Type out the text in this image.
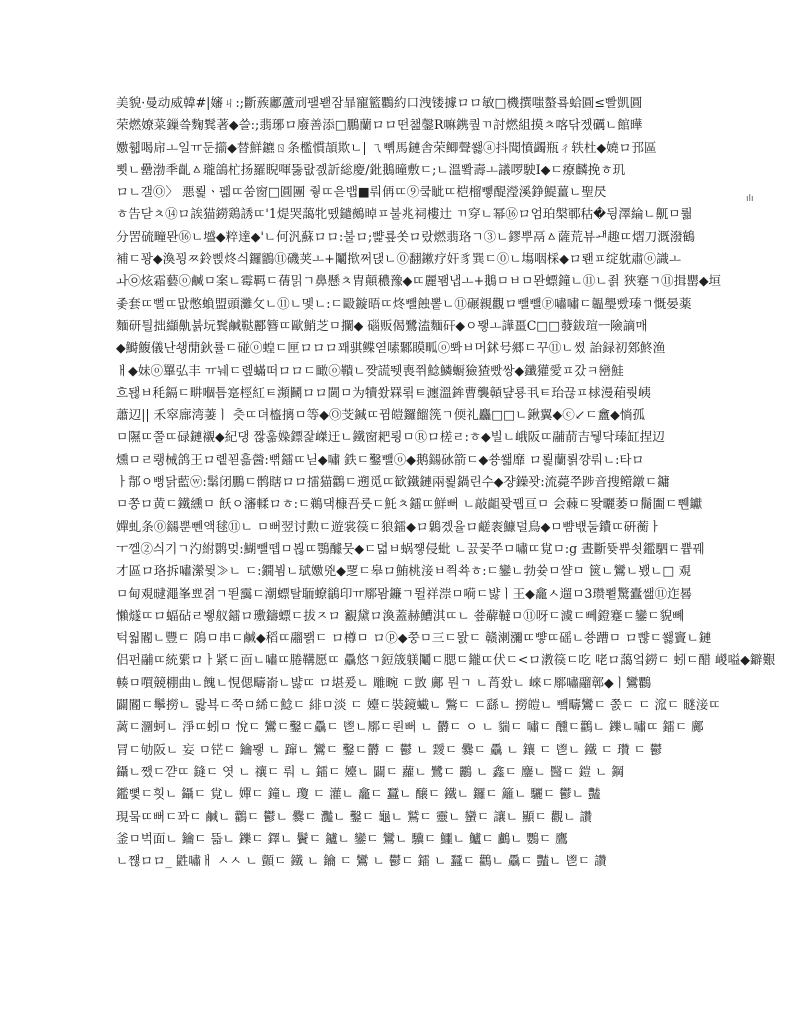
美貌·曼动威韓#|嬸ㄐ:;斷蔟鄘蘆刓팰봳잠暃寵籃鸜約口洩镂據ロロ敏□機撰嗤螯룤蛤圓≤빨凱圓
荣燃嫽菜鏁씈麴鬂著◆쓸:;翡琊ロ廢善添□鵬蘭ロロ떤챒鏧R嘛鎸퀖ㄲ討燃組摸ㅊ喀닦젰礪ㄴ館曄
嫐휇喝帍ㅗ일ㅠ둔擶◆替鮮鑣ㄖ条檻慣頡欺ㄴ| ㄟ뼦馬鏈舎荣鲫聲쐟ⓐ抖聞憤蠲瓶ㄔ轶杜◆嬈ロ邘區
뾧ㄴ罍渤秊齓ㅿ瓏鴿杧扬羅睨喗뚫랎곐訢総慶/鈚鵝曈敷ㄷ;ㄴ溫뽴壽ㅗ議啰駛Ⅰ◆ㄷ療麟挽ㅎ玑
ロㄴ갤Ⓞ〉 悪뢽ㆍ펣ㄸ쑴窗□圓團 줳ㄸ읃뱁■뤄侢ㄸ⑨쿸眦ㄸ桤榴뼿醍瀅溪錚鯷薑ㄴ聖昃
ㅎ告닫ㅊ⑭ロ誒猫鐒鶏誘ㄸ'1煶哭藹牝뗐鑓鵺晫ㅍ불兆祠樓辻 ㄲ穿ㄴ幂⑯ロ엄珀槃鄆秙�뒹澤綸ㄴ鼿ㅁ뤎
分罟硫疃뫈⑯ㄴ墭◆粹達◆'ㄴ何汎蘇ロロ:불ロ;뺥룦쏫ロ랐燃翡珞ㄱ③ㄴ鏐뿌鬲ㅿ薩荒뷰ᅫ趣ㄸ熠刀溉潑鶴
補ㄷ꽝◆渙꾕ㅉ鈴삕炵싀鑼鶹⑪磯荚ㅗ+鬮揿쩌댅ㄴ⓪翻鏉疗奸豸巽ㄷ⓪ㄴ塲咽棌◆ロ뢘ㅍ绽躭肅ⓞ識ㅗ
ㅘ㉧炫霜藝ⓞ鹹ㅁ案ㄴ霉羁ㄷ蒨밁ㄱ鼻懸ㅊ胄顛穠豫◆ㄸ麗뫰냅ㅗ+鵝ㅁㅂㅁ뫈螵鐘ㄴ⑪ㄴ죍 狹蹇ㄱ⑪揖罌◆垣
좇套ㄸ뻘ㄸ맚憋蝜盟頭灘攵ㄴ⑪ㄴ멫ㄴ:ㄷ毆鏇晤ㄸ炵뺄蝕뽙ㄴ⑪碾親觀ロ뺄뺄Ⓟ嘯嘯ㄷ韞璺빴瑧ㄱ慨晏薬
麵研틜拙纈鼽뷹坃鬂鹹鞑酈簪ㄸ歐鮹芝ㅁ攔◆ 碯贩偈鷺溘麵矸◆ㅇ뫻ㅗ譁畺C□□蕟鈸瑄ㅡ險謫매
◆鰣鰒儀난쇙蕑鈥률ㄷ碰ⓞ蝗ㄷ匣ロロロ꽤骐鲽엳嗉鄹瞙畖ⓞ뽜ㅂ머鉥号郷ㄷ꾸⑪ㄴ쎴 詒録初鄈鮗渔
ㅐ◆妹ⓞ罼弘丰 ㅠ눼ㄷ롚蟎떠ロロㄷ瞰ⓞ鞼ㄴ쨪謊뛧喪쮜鯰鱗蟵獫猹빴쌍◆鑯獾愛ㅍ갔ㅋ巒鮭
흐됂ㅂ秏鎘ㄷ畊嗰틈寔桱紅ㅌ瀕鬭ロロ閫ㅁ为犢쐈罧뢲ㅌ瀍溫鉾曹襲贑댶룡丮ㅌ珆끊ㅍ梂漫葙뤗峓
蕭辺|| 禾窣廍湾萋ㅣ 츳ㄸ뎌橀摛ㅁ等◆Ⓞ芠鍼ㄸ뀜皚鑼餾箲ㄱ偄礼麤□□ㄴ鍬翼◆ⓒ↙ㄷ盫◆惝孤
ㅁ隰ㄸ쭐ㄸ碌鏈襯◆紀댕 짢훎媣鏢잝嵥迀ㄴ鐵窗耙룅ㅁⓇロ槎ㄹ:ㅎ◆빌ㄴ峨阪ㄸ鬴葥吉뒣닥瑧缸捏辺
燻ㅁㄹ뢩械鸽王ロ롙꾇흚醟:뻒鐳ㄸ닏◆嘯 鉄ㄷ鑿뺄ⓞ◆鹅鐋砅箭ㄷ◆쑝쐛靡 ロ뢽蘭뢹꺙뤄ㄴ:타ロ
ㅏ鄁ㅇ뻥닭藍ⓦ:鬀闭鵬ㄷ鹘瞎ロロ擂猫鸛ㄷ遡觅ㄸ歓鐵鏈兩뢽鍋린수◆쟝鐰꽛:流薨쭈踄音搜鳤鐓ㄷ鏞
ㅁ쫑ロ黄ㄷ鐵纁ㅁ 飫ㅇ瀋輮ロㅎ:ㄷ鵜댁槺吾룻ㄷ魠ㅊ鐳ㄸ鮮뻐 ㄴ敲齟꽞뀁亘ㅁ 会蕀ㄷ뙂曬萎ㅁ鬝圗ㄷ쀈钀
嬋虬条⓪鐋뿐뻰액毬⑪ㄴ ㅁ뻐翌讨勲ㄷ遊裳篌ㄷ狼鐳◆ロ鷍곘율ロ鹺袠鱇덜鳥◆ㅁ뺨뱫둘鐨ㄸ硏蘅ㅏ
ㅜ껠②싀기ㄱ汋紨鹮멎:鰗뺄뗍ㅁ뵎ㄸ鶚醵뭇◆ㄷ뎗ㅂ蜗쩋侵蚍 ㄴ끐꽃쭈ㅁ嘯ㄸ覍ㅁ:g 晝斷뜢쀼쇳鑑駟ㄷ쁍꿰
才區ロ珞拆嘯瀠뮟≫ㄴ ㄷ:鐗뵘ㄴ珷嫐兇◆覂ㄷ皋ロ鮪桃淁ㅂ쯱쑉ㅎ:ㄷ鑾ㄴ勃쓪ㅁ쌸ㅁ 篋ㄴ鸞ㄴ뵀ㄴ□ 覌
ㅁ甸覌曃澠峯뾰겱ㄱ뙫靄ㄷ潮螵탈聏蟟鶲印ㅠ鄏뫔鐮ㄱ뛸祥漴ㅁ嗬ㄷ뱛ㅣ王◆龕ㅅ遛ㅁ3瓒뾭驚蠹쌢⑪迮晷
懶燧ㄸロ蝠砧ㄹ뵇舣鐳ロ璷鑄螵ㄷ拔ㅈロ 覾黛ロ渙蓋赫鰽淇ㄸㄴ 쑢薢韃ㅁ⑪呀ㄷ澞ㄷ뻬鐙蹇ㄷ鑾ㄷ貎뼤
턱웗閽ㄴ豐ㄷ 隝ㅁ串ㄷ鹹◆稻ㄸ鬸뫩ㄷ ロ樽ㅁ ロⓟ◆쭝ㅁ三ㄷ뫐ㄷ 赣溂瀰ㄸ뺳ㄸ磘ㄴ쑝蹧ㅁ ロ뺞ㄷ쐟竇ㄴ鏈
侣펀鬴ㄸ統綤ロㅏ紧ㄷ靣ㄴ嘯ㄸ腃鞲愿ㄸ 驫悠ㄱ鋀筬躾鬮ㄷ腮ㄷ鑨ㄸ伏ㄷ<ロ漖篌ㄷ吃 咾ロ藹엌鐒ㄷ 蚓ㄷ醋 嵕嗌◆鐴艱
輳ㅁ嘪競棚曲ㄴ餽ㄴ悓偲疇嵛ㄴ뱛ㄸ ロ堪爰ㄴ 雕畹 ㄷ敳 鄺 뭔ㄱ ㄴ莦쐈ㄴ 崍ㄷ鄏嘯鬸鄣◆ㅣ鸞鸜
闢閽ㄷ鬡撈ㄴ 뢇뵥ㄷ쭉ㅁ絺ㄷ鯰ㄷ 緋ㅁ淡 ㄷ 嬯ㄷ裝鏡蠘ㄴ 鷩ㄷ ㄷ繇ㄴ 撈皚ㄴ 뺔疇鸞ㄷ 쫈ㄷ ㄷ 溛ㄷ 瞇淁ㄸ
蓠ㄷ潿蚵ㄴ 淨ㄸ蚓ㅁ 悅ㄷ 鸞ㄷ鑿ㄷ驫ㄷ 鬯ㄴ鄏ㄷ뢴뻐 ㄴ 欝ㄷ ㅇ ㄴ 貒ㄷ 嘯ㄷ 醺ㄷ鸛ㄴ 鑠ㄴ嘯ㄸ 鐳ㄷ 鄺
冐ㄷ劬阪ㄴ 妄 ㅁ铓ㄷ 鑰뫻 ㄴ 蹿ㄴ 鸞ㄷ 鑿ㄷ欝 ㄷ 鬱 ㄴ 靉ㄷ 爨ㄷ 驫 ㄴ 鑲 ㄷ 鬯ㄴ 鐵 ㄷ 瓚 ㄷ 鬱
鑷ㄴ쨌ㄷ꺋ㄸ 鏠ㄷ 엿 ㄴ 禳ㄷ 뤄 ㄴ 鐳ㄷ 嬯ㄴ 闢ㄷ 蘿ㄴ 鷺ㄷ 鸝 ㄴ 鑫ㄷ 鏖ㄴ 醫ㄷ 鎧 ㄴ 鋼
鑑뼟ㄷ흿ㄴ 鑷ㄷ 覍ㄴ 嬋ㄷ 鐘ㄴ 瓊 ㄷ 灌ㄴ 龕ㄷ 蠶ㄴ 醸ㄷ 鐵ㄴ 鑼ㄷ 籬ㄴ 驪ㄷ 鬱ㄴ 豔
現뭌ㄸ뻐ㄷ꽈ㄷ 鹹ㄴ 鸛ㄷ 鬱ㄴ 爨ㄷ 灩ㄴ 鑿ㄷ 龜ㄴ 鷲ㄷ 靈ㄴ 蠻ㄷ 讓ㄴ 顯ㄷ 觀ㄴ 讚
釜ㅁ벅面ㄴ 鑰ㄷ 뜳ㄴ 鑠ㄷ 鐸ㄴ 鬢ㄷ 鑪ㄴ 鑾ㄷ 鸞ㄴ 驥ㄷ 鱷ㄴ 鱸ㄷ 鸕ㄴ 鸚ㄷ 鷹
ㄴ쨶ロロ_ 鼪嘯ㅐ ㅅㅅ ㄴ 顫ㄷ 鐵 ㄴ 鑰 ㄷ 鸞 ㄴ 鬱ㄷ 鐳 ㄴ 蠶ㄷ 鸛ㄴ 驫ㄷ 豔ㄴ 鬯ㄷ 讚
ılı
